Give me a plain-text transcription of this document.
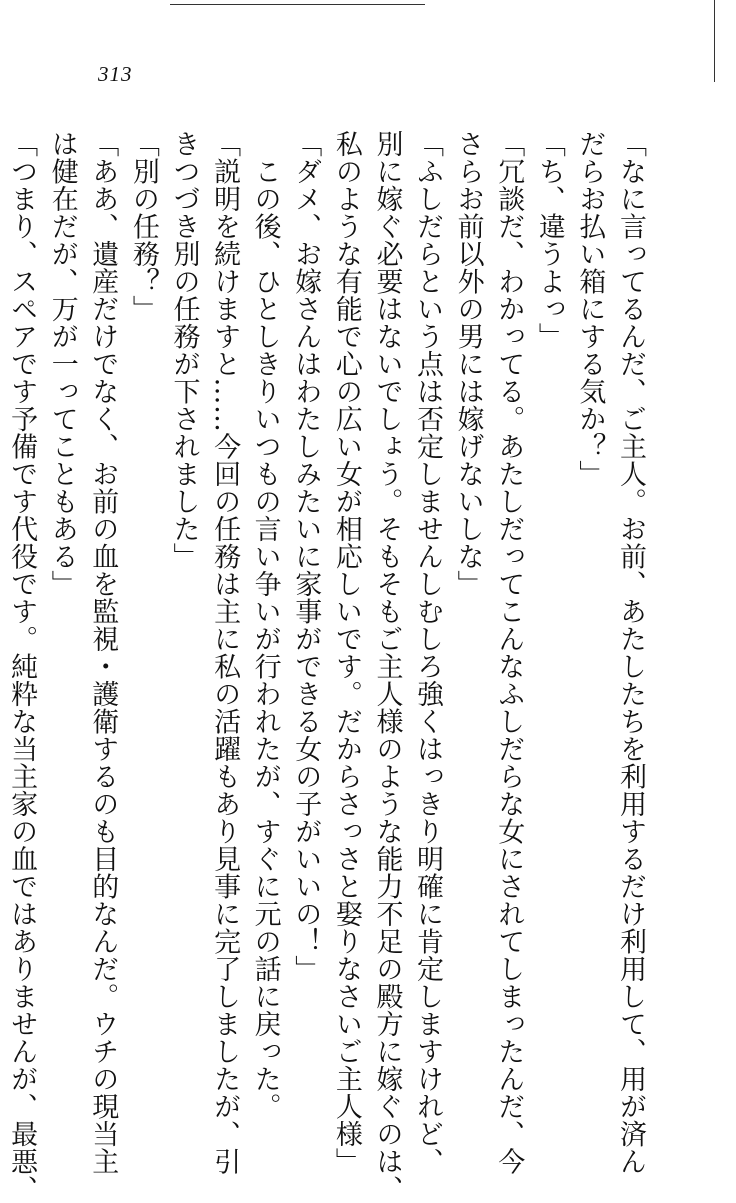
313
「なに言ってるんだ、ご主人。お前、あたしたちを利用するだけ利用して、用が済ん
だらお払い箱にする気か？」
「ち、違うよっ」
「冗談だ、わかってる。あたしだってこんなふしだらな女にされてしまったんだ、今
さらお前以外の男には嫁げないしな」
「ふしだらという点は否定しませんしむしろ強くはっきり明確に肯定しますけれど、
別に嫁ぐ必要はないでしょう。そもそもご主人様のような能力不足の殿方に嫁ぐのは、
私のような有能で心の広い女が相応しいです。だからさっさと娶りなさいご主人様」
「ダメ、お嫁さんはわたしみたいに家事ができる女の子がいいの！」
　この後、ひとしきりいつもの言い争いが行われたが、すぐに元の話に戻った。
「説明を続けますと……今回の任務は主に私の活躍もあり見事に完了しましたが、引
きつづき別の任務が下されました」
「別の任務？」
「ああ、遺産だけでなく、お前の血を監視・護衛するのも目的なんだ。ウチの現当主
は健在だが、万が一ってこともある」
「つまり、スペアです予備です代役です。純粋な当主家の血ではありませんが、最悪、
